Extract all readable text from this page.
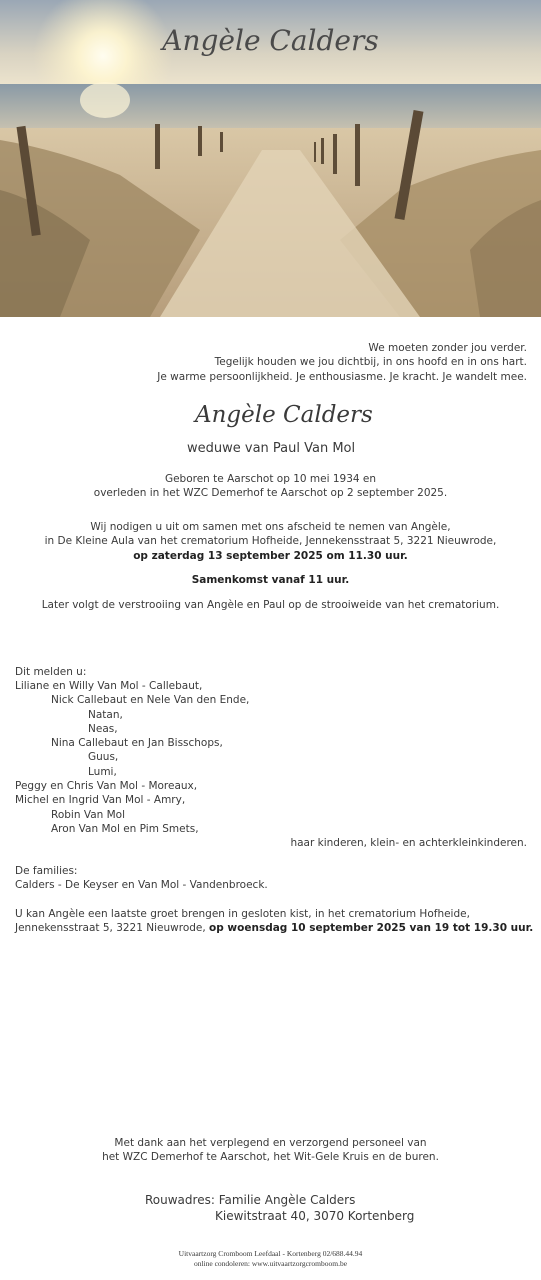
Angèle Calders
We moeten zonder jou verder.
Tegelijk houden we jou dichtbij, in ons hoofd en in ons hart.
Je warme persoonlijkheid. Je enthousiasme. Je kracht. Je wandelt mee.
Angèle Calders
weduwe van Paul Van Mol
Geboren te Aarschot op 10 mei 1934 en
overleden in het WZC Demerhof te Aarschot op 2 september 2025.
Wij nodigen u uit om samen met ons afscheid te nemen van Angèle,
in De Kleine Aula van het crematorium Hofheide, Jennekensstraat 5, 3221 Nieuwrode,
op zaterdag 13 september 2025 om 11.30 uur.
Samenkomst vanaf 11 uur.
Later volgt de verstrooiing van Angèle en Paul op de strooiweide van het crematorium.
Dit melden u:
Liliane en Willy Van Mol - Callebaut,
Nick Callebaut en Nele Van den Ende,
Natan,
Neas,
Nina Callebaut en Jan Bisschops,
Guus,
Lumi,
Peggy en Chris Van Mol - Moreaux,
Michel en Ingrid Van Mol - Amry,
Robin Van Mol
Aron Van Mol en Pim Smets,
haar kinderen, klein- en achterkleinkinderen.
De families:
Calders - De Keyser en Van Mol - Vandenbroeck.
U kan Angèle een laatste groet brengen in gesloten kist, in het crematorium Hofheide,
Jennekensstraat 5, 3221 Nieuwrode, op woensdag 10 september 2025 van 19 tot 19.30 uur.
Met dank aan het verplegend en verzorgend personeel van
het WZC Demerhof te Aarschot, het Wit-Gele Kruis en de buren.
Rouwadres: Familie Angèle Calders
Kiewitstraat 40, 3070 Kortenberg
Uitvaartzorg Cromboom Leefdaal - Kortenberg 02/688.44.94
online condoleren: www.uitvaartzorgcromboom.be
